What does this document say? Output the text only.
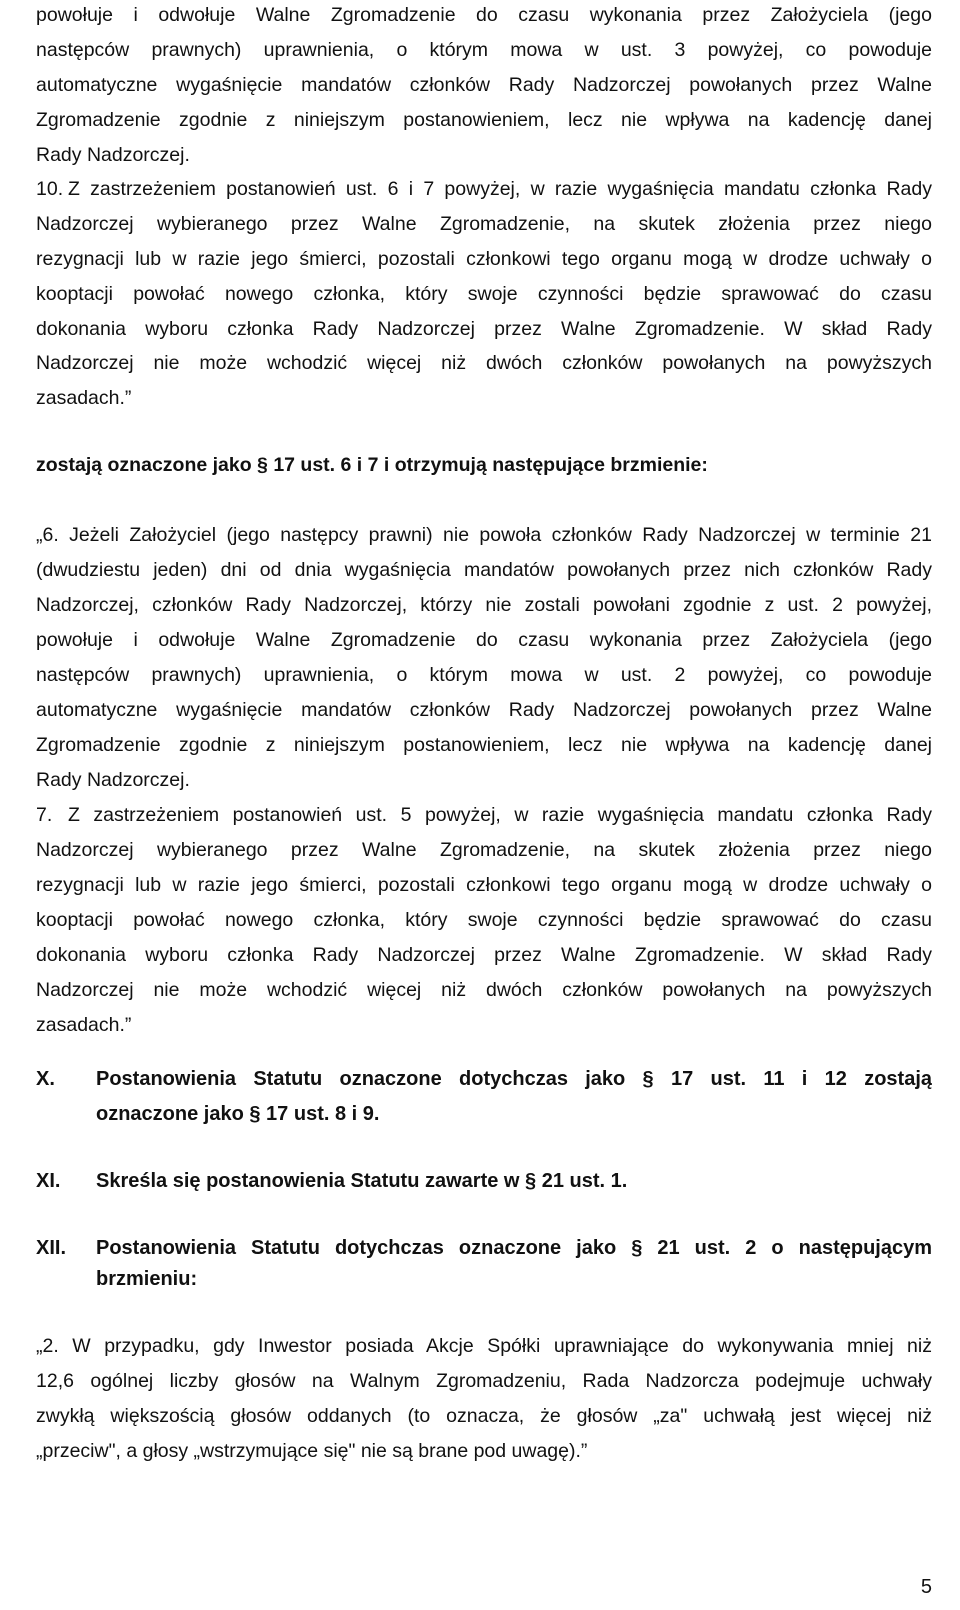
powołuje i odwołuje Walne Zgromadzenie do czasu wykonania przez Założyciela (jego
następców prawnych) uprawnienia, o którym mowa w ust. 3 powyżej, co powoduje
automatyczne wygaśnięcie mandatów członków Rady Nadzorczej powołanych przez Walne
Zgromadzenie zgodnie z niniejszym postanowieniem, lecz nie wpływa na kadencję danej
Rady Nadzorczej.
10. Z zastrzeżeniem postanowień ust. 6 i 7 powyżej, w razie wygaśnięcia mandatu członka Rady
Nadzorczej wybieranego przez Walne Zgromadzenie, na skutek złożenia przez niego
rezygnacji lub w razie jego śmierci, pozostali członkowi tego organu mogą w drodze uchwały o
kooptacji powołać nowego członka, który swoje czynności będzie sprawować do czasu
dokonania wyboru członka Rady Nadzorczej przez Walne Zgromadzenie. W skład Rady
Nadzorczej nie może wchodzić więcej niż dwóch członków powołanych na powyższych
zasadach.”
zostają oznaczone jako § 17 ust. 6 i 7 i otrzymują następujące brzmienie:
„6. Jeżeli Założyciel (jego następcy prawni) nie powoła członków Rady Nadzorczej w terminie 21
(dwudziestu jeden) dni od dnia wygaśnięcia mandatów powołanych przez nich członków Rady
Nadzorczej, członków Rady Nadzorczej, którzy nie zostali powołani zgodnie z ust. 2 powyżej,
powołuje i odwołuje Walne Zgromadzenie do czasu wykonania przez Założyciela (jego
następców prawnych) uprawnienia, o którym mowa w ust. 2 powyżej, co powoduje
automatyczne wygaśnięcie mandatów członków Rady Nadzorczej powołanych przez Walne
Zgromadzenie zgodnie z niniejszym postanowieniem, lecz nie wpływa na kadencję danej
Rady Nadzorczej.
7. Z zastrzeżeniem postanowień ust. 5 powyżej, w razie wygaśnięcia mandatu członka Rady
Nadzorczej wybieranego przez Walne Zgromadzenie, na skutek złożenia przez niego
rezygnacji lub w razie jego śmierci, pozostali członkowi tego organu mogą w drodze uchwały o
kooptacji powołać nowego członka, który swoje czynności będzie sprawować do czasu
dokonania wyboru członka Rady Nadzorczej przez Walne Zgromadzenie. W skład Rady
Nadzorczej nie może wchodzić więcej niż dwóch członków powołanych na powyższych
zasadach.”
X. Postanowienia Statutu oznaczone dotychczas jako § 17 ust. 11 i 12 zostają
oznaczone jako § 17 ust. 8 i 9.
XI. Skreśla się postanowienia Statutu zawarte w § 21 ust. 1.
XII. Postanowienia Statutu dotychczas oznaczone jako § 21 ust. 2 o następującym
brzmieniu:
„2. W przypadku, gdy Inwestor posiada Akcje Spółki uprawniające do wykonywania mniej niż
12,6 ogólnej liczby głosów na Walnym Zgromadzeniu, Rada Nadzorcza podejmuje uchwały
zwykłą większością głosów oddanych (to oznacza, że głosów „za" uchwałą jest więcej niż
„przeciw", a głosy „wstrzymujące się" nie są brane pod uwagę).”
5
